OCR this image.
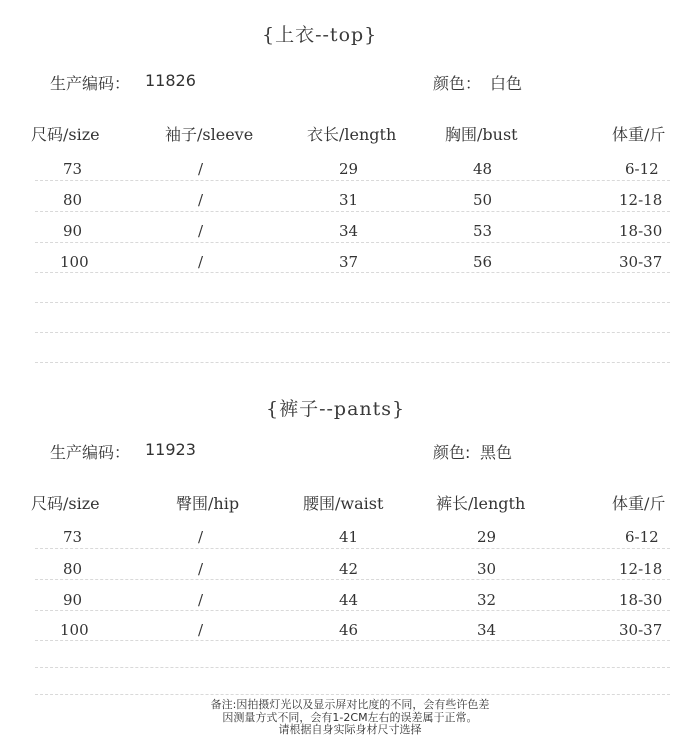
{上衣--top}
生产编码： 11826	颜色： 白色
尺码/size	袖子/sleeve	衣长/length	胸围/bust	体重/斤
73	/	29	48	6-12
80	/	31	50	12-18
90	/	34	53	18-30
100	/	37	56	30-37
{裤子--pants}
生产编码： 11923	颜色: 黑色
尺码/size	臀围/hip	腰围/waist	裤长/length	体重/斤
73	/	41	29	6-12
80	/	42	30	12-18
90	/	44	32	18-30
100	/	46	34	30-37
备注:因拍摄灯光以及显示屏对比度的不同，会有些许色差
因测量方式不同，会有1-2CM左右的误差属于正常。
请根据自身实际身材尺寸选择
